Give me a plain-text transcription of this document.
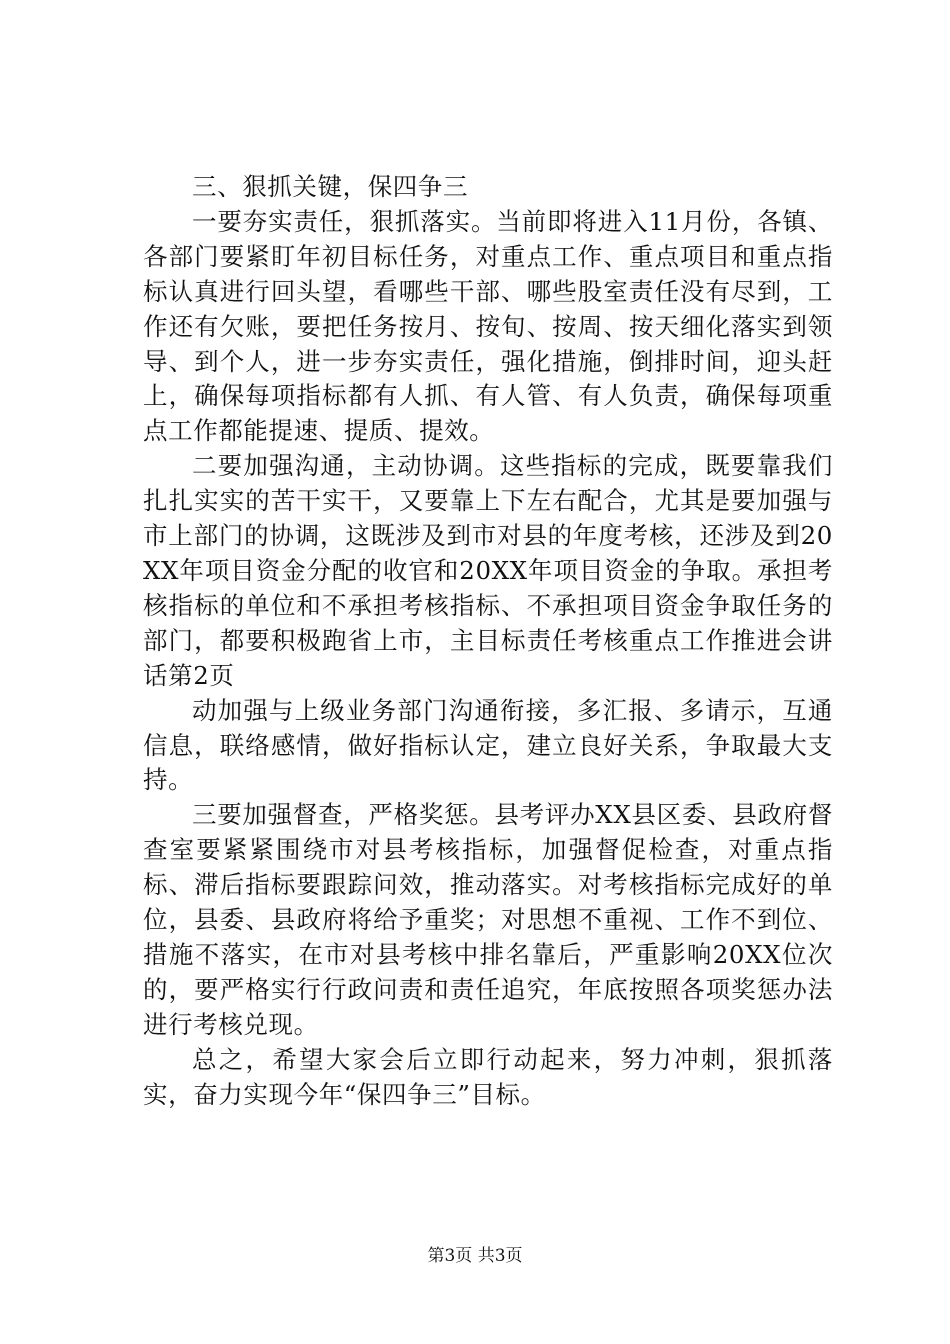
三、狠抓关键，保四争三

一要夯实责任，狠抓落实。当前即将进入11月份，各镇、各部门要紧盯年初目标任务，对重点工作、重点项目和重点指标认真进行回头望，看哪些干部、哪些股室责任没有尽到，工作还有欠账，要把任务按月、按旬、按周、按天细化落实到领导、到个人，进一步夯实责任，强化措施，倒排时间，迎头赶上，确保每项指标都有人抓、有人管、有人负责，确保每项重点工作都能提速、提质、提效。

二要加强沟通，主动协调。这些指标的完成，既要靠我们扎扎实实的苦干实干，又要靠上下左右配合，尤其是要加强与市上部门的协调，这既涉及到市对县的年度考核，还涉及到20XX年项目资金分配的收官和20XX年项目资金的争取。承担考核指标的单位和不承担考核指标、不承担项目资金争取任务的部门，都要积极跑省上市，主目标责任考核重点工作推进会讲话第2页

动加强与上级业务部门沟通衔接，多汇报、多请示，互通信息，联络感情，做好指标认定，建立良好关系，争取最大支持。

三要加强督查，严格奖惩。县考评办XX县区委、县政府督查室要紧紧围绕市对县考核指标，加强督促检查，对重点指标、滞后指标要跟踪问效，推动落实。对考核指标完成好的单位，县委、县政府将给予重奖；对思想不重视、工作不到位、措施不落实，在市对县考核中排名靠后，严重影响20XX位次的，要严格实行行政问责和责任追究，年底按照各项奖惩办法进行考核兑现。

总之，希望大家会后立即行动起来，努力冲刺，狠抓落实，奋力实现今年“保四争三”目标。

第3页 共3页
